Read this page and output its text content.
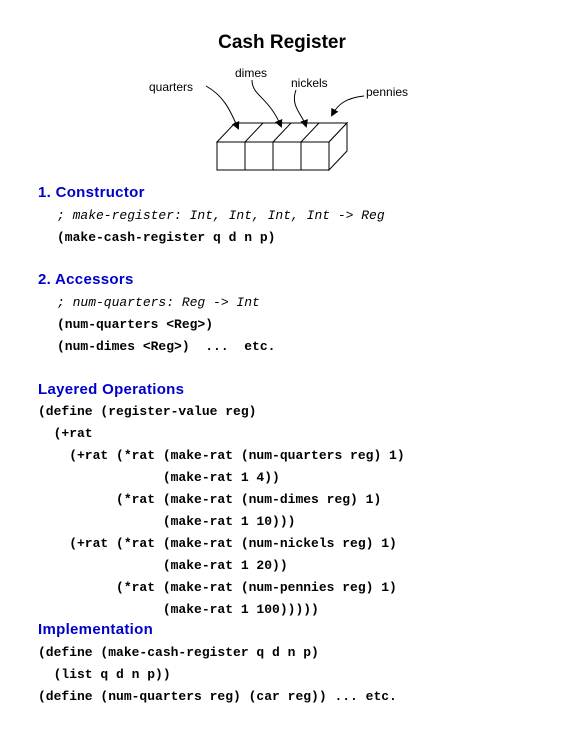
Cash Register
quarters
dimes
nickels
pennies
1. Constructor
; make-register: Int, Int, Int, Int -> Reg
(make-cash-register q d n p)
2. Accessors
; num-quarters: Reg -> Int
(num-quarters <Reg>)
(num-dimes <Reg>)  ...  etc.
Layered Operations
(define (register-value reg)
(+rat
(+rat (*rat (make-rat (num-quarters reg) 1)
(make-rat 1 4))
(*rat (make-rat (num-dimes reg) 1)
(make-rat 1 10)))
(+rat (*rat (make-rat (num-nickels reg) 1)
(make-rat 1 20))
(*rat (make-rat (num-pennies reg) 1)
(make-rat 1 100)))))
Implementation
(define (make-cash-register q d n p)
(list q d n p))
(define (num-quarters reg) (car reg)) ... etc.
